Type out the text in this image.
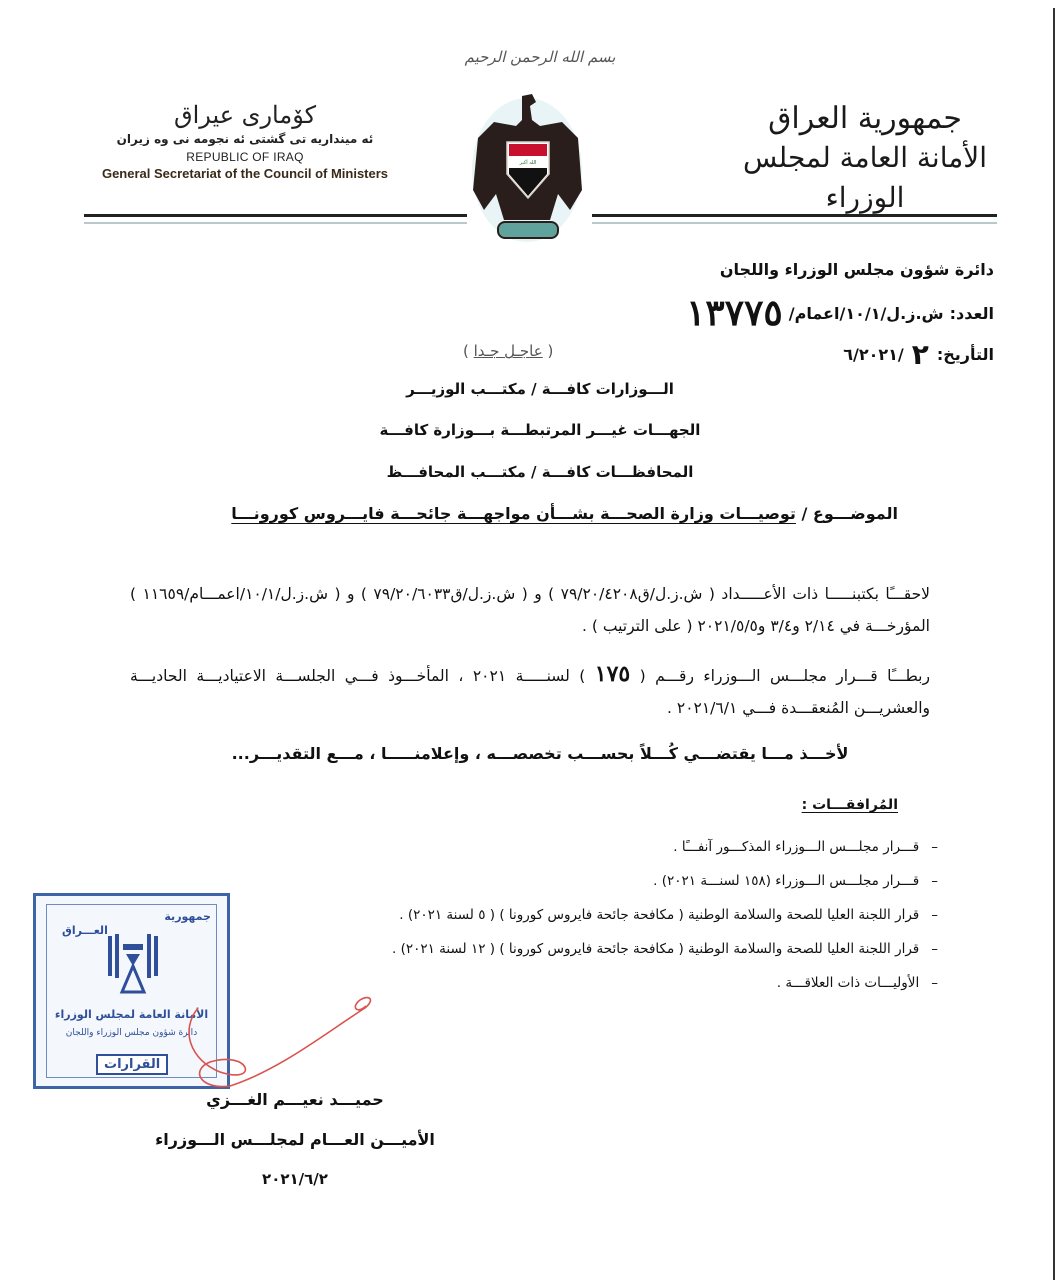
بسم الله الرحمن الرحيم
كۆماری عیراق
ئه مینداریه تی گشتی ئه نجومه نی وه زیران
REPUBLIC OF IRAQ
General Secretariat of the Council of Ministers
جمهورية العراق
الأمانة العامة لمجلس الوزراء
الله أكبر
دائرة شؤون مجلس الوزراء واللجان
العدد:
ش.ز.ل/١٠/١/اعمام/
١٣٧٧٥
التأريخ:
٢
/٦/٢٠٢١
( عاجـل جـدا )
الـــوزارات كافـــة / مكتـــب الوزيـــر
الجهـــات غيـــر المرتبطـــة بـــوزارة كافـــة
المحافظـــات كافـــة / مكتـــب المحافـــظ
الموضـــوع / توصيـــات وزارة الصحـــة بشـــأن مواجهـــة جائحـــة فايـــروس كورونـــا
لاحقـــًا بكتبنـــــا ذات الأعـــــداد ( ش.ز.ل/ق٧٩/٢٠/٤٢٠٨ ) و ( ش.ز.ل/ق٧٩/٢٠/٦٠٣٣ ) و ( ش.ز.ل/١٠/١/اعمـــام/١١٦٥٩ ) المؤرخـــة في ٢/١٤ و٣/٤ و٢٠٢١/٥/٥ ( على الترتيب ) .
ربطـــًا قـــرار مجلـــس الـــوزراء رقـــم ( ١٧٥ ) لسنـــــة ٢٠٢١ ، المأخـــوذ فـــي الجلســـة الاعتياديـــة الحاديـــة والعشريـــن المُنعقـــدة فـــي ٢٠٢١/٦/١ .
لأخـــذ مـــا يقتضـــي كُـــلاً بحســـب تخصصـــه ، وإعلامنـــــا ، مـــع التقديـــر...
المُرافقـــات :
– قـــرار مجلـــس الـــوزراء المذكـــور آنفـــًا .
– قـــرار مجلـــس الـــوزراء (١٥٨ لسنـــة ٢٠٢١) .
– قرار اللجنة العليا للصحة والسلامة الوطنية ( مكافحة جائحة فايروس كورونا ) ( ٥ لسنة ٢٠٢١) .
– قرار اللجنة العليا للصحة والسلامة الوطنية ( مكافحة جائحة فايروس كورونا ) ( ١٢ لسنة ٢٠٢١) .
– الأوليـــات ذات العلاقـــة .
جمهورية
العـــراق
الأمانة العامة لمجلس الوزراء
دائرة شؤون مجلس الوزراء واللجان
القرارات
حميـــد نعيـــم الغـــزي
الأميـــن العـــام لمجلـــس الـــوزراء
٢٠٢١/٦/٢
